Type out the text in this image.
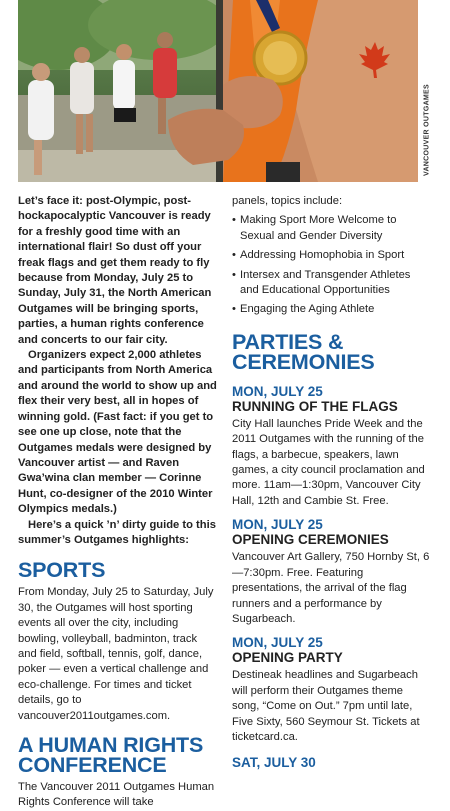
VANCOUVER OUTGAMES

Let’s face it: post-Olympic, post-hockapocalyptic Vancouver is ready for a freshly good time with an international flair! So dust off your freak flags and get them ready to fly because from Monday, July 25 to Sunday, July 31, the North American Outgames will be bringing sports, parties, a human rights conference and concerts to our fair city.

Organizers expect 2,000 athletes and participants from North America and around the world to show up and flex their very best, all in hopes of winning gold. (Fast fact: if you get to see one up close, note that the Outgames medals were designed by Vancouver artist — and Raven Gwa’wina clan member — Corinne Hunt, co-designer of the 2010 Winter Olympics medals.)

Here’s a quick ’n’ dirty guide to this summer’s Outgames highlights:

SPORTS

From Monday, July 25 to Saturday, July 30, the Outgames will host sporting events all over the city, including bowling, volleyball, badminton, track and field, softball, tennis, golf, dance, poker — even a vertical challenge and eco-challenge. For times and ticket details, go to vancouver2011outgames.com.

A HUMAN RIGHTS CONFERENCE

The Vancouver 2011 Outgames Human Rights Conference will take

panels, topics include:

• Making Sport More Welcome to Sexual and Gender Diversity
• Addressing Homophobia in Sport
• Intersex and Transgender Athletes and Educational Opportunities
• Engaging the Aging Athlete
PARTIES & CEREMONIES
MON, JULY 25
RUNNING OF THE FLAGS

City Hall launches Pride Week and the 2011 Outgames with the running of the flags, a barbecue, speakers, lawn games, a city council proclamation and more. 11am—1:30pm, Vancouver City Hall, 12th and Cambie St. Free.

MON, JULY 25
OPENING CEREMONIES

Vancouver Art Gallery, 750 Hornby St, 6—7:30pm. Free. Featuring presentations, the arrival of the flag runners and a performance by Sugarbeach.

MON, JULY 25
OPENING PARTY

Destineak headlines and Sugarbeach will perform their Outgames theme song, “Come on Out.” 7pm until late, Five Sixty, 560 Seymour St. Tickets at ticketcard.ca.

SAT, JULY 30
